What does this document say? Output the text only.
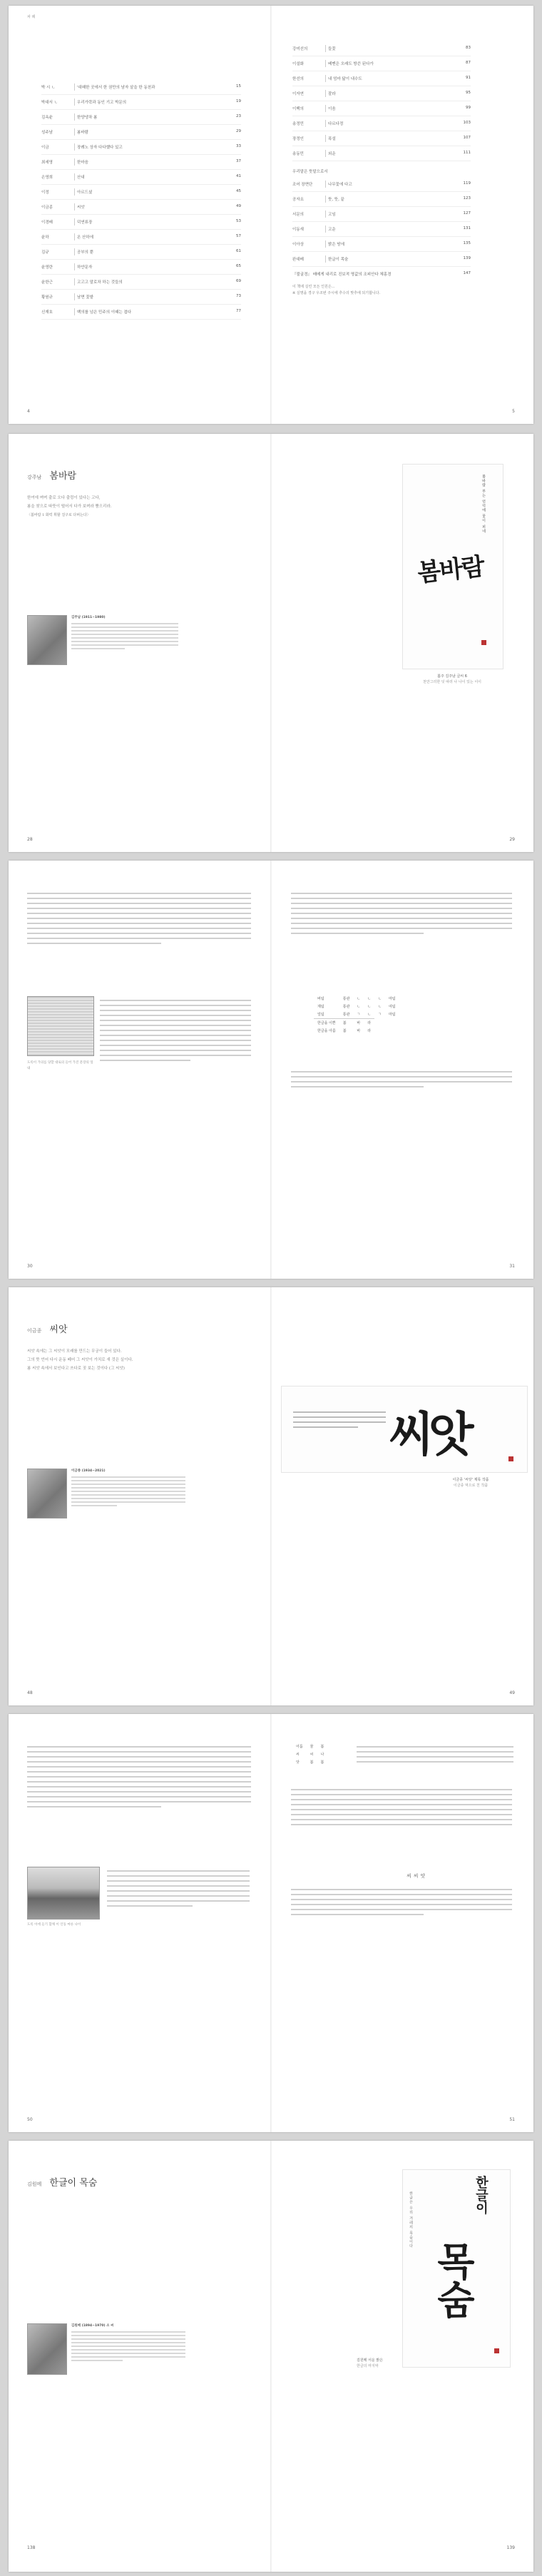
차 례
박 시 ㄴ	'대패한 곳에서 한 권만의 남자 살을 한 동천과	15
박대서 ㄴ	우리가락과 동인 기고 박문의	19
김옥윤	한양냉차 봄	23
성주남	봄바람	29
이금	장례노 상자 다다했다 있고	33
최세영	한마음	37
손영희	산내	41
이정	아르드셨	45
이금종	씨앗	49
이경배	덕연류장	53
윤하	온 산하에	57
김규	공부의 뿐	61
윤영란	하얀문자	65
윤한근	고고고 말로차 하는 것들의	69
황원규	남면 꽃밭	73
신재호	백의를 넘은 민주의 이때는 겹다	77
4
강미선의	들꽃	83
이설화	베멘은 오래도 방쓴 된다가	87
한선의	내 엄마 닮이 내수도	91
이자연	잘라	95
이백의	이음	99
송정민	다르다정	103
장정인	폭설	107
송동민	외운	111
우리말은 뜻말으로서
조어 장면단	나무꽃에 다고	119
공자요	뜻, 뜻, 끝	123
서문의	고임	127
이동새	고운	131
이아상	밝은 땅에	135
완대베	한글이 목숨	139
『불굴경』 배메게 내리로 진보적 명값의 조피안다 체홍경	147
이 책에 실린 모든 인원은...
※ 실명을 경구 우조번 주시에 추수의 맞추에 되기합니다.
5
강주남 봄바람
한여에 며며 출로 오다 출렁이 있다는 고다,
봄을 찾으로 따뜻이 떨어서 다가 보며라 뿜으리라.
〈봄바람 1 화력 휘할 걸구로 다퍼는다〉
김주남 (1911~1980)
28
봄바람
봄바람 부는 언덕에 꽃이 피네
봄주 김주남 글씨 6
천만그리한 덧 따러 나 나이 있는 이이
29
도록이 가의를 당할 대로의 들어 가진 문장의 잎내
30
버팀	통관	ㄴ	ㄴ	ㄴ	마팀
계팀	통관	ㄴ	ㄴ	ㄴ	여팀
얼팀	통관	ㄱ	ㄴ	ㄱ	마팀
한글을 이쁜	봄	바	라		
한글을 아름	봄	바	라		
31
이금종 씨앗
씨앗 속에는 그 씨앗이 모래를 만드는 무궁이 들어 있다.
그의 뜻 언어 다시 운동 떼어 그 씨앗이 가치로 새 것은 실이다.
봄 씨앗 속에서 보인다고 쓰다로 짓 보는 것이다 (그 씨앗)
이금종 (1934~2021)
48
씨앗
이금종 '씨앗' 제목 작품
이금종 먹으로 친 작품
49
도록 이에 들기 함께 이 인동 마른 나이
50
어룸	물	봄
씨	씨	나
앗	봄	봄
씨씨앗
51
김원메 한글이 목숨
김원메 (1894~1970) 소 씨
138
한글은 우리 겨레의 목숨이다	한글이
목숨
김원메 서운 밝은
한글의 마지막
139
